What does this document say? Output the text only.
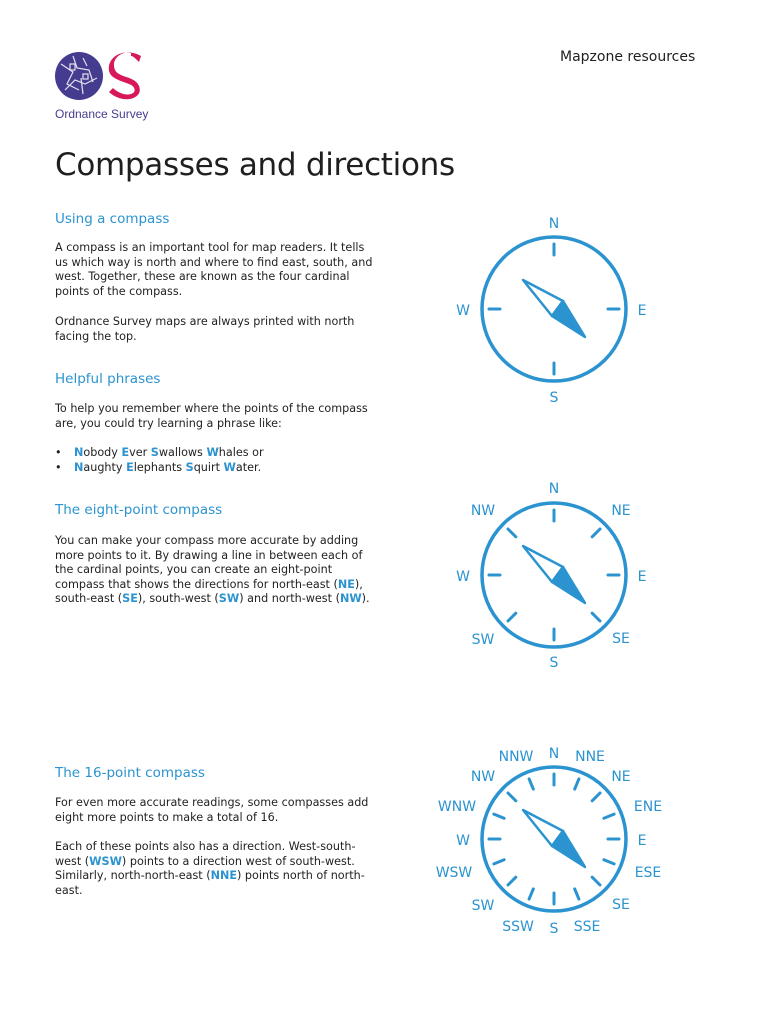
Ordnance Survey
Mapzone resources
Compasses and directions
Using a compass

A compass is an important tool for map readers. It tells us which way is north and where to find east, south, and west. Together, these are known as the four cardinal points of the compass.

Ordnance Survey maps are always printed with north facing the top.

Helpful phrases

To help you remember where the points of the compass are, you could try learning a phrase like:

• Nobody Ever Swallows Whales or
• Naughty Elephants Squirt Water.
The eight-point compass

You can make your compass more accurate by adding more points to it. By drawing a line in between each of the cardinal points, you can create an eight-point compass that shows the directions for north-east (NE), south-east (SE), south-west (SW) and north-west (NW).

The 16-point compass

For even more accurate readings, some compasses add eight more points to make a total of 16.

Each of these points also has a direction. West-south-west (WSW) points to a direction west of south-west. Similarly, north-north-east (NNE) points north of north-east.

N
E
S
W
N
NE
E
SE
S
SW
W
NW
N NNE
NE
ENE
E
ESE
SE
SSE
S
SSW
SW
WSW
W
WNW
NW
NNW
